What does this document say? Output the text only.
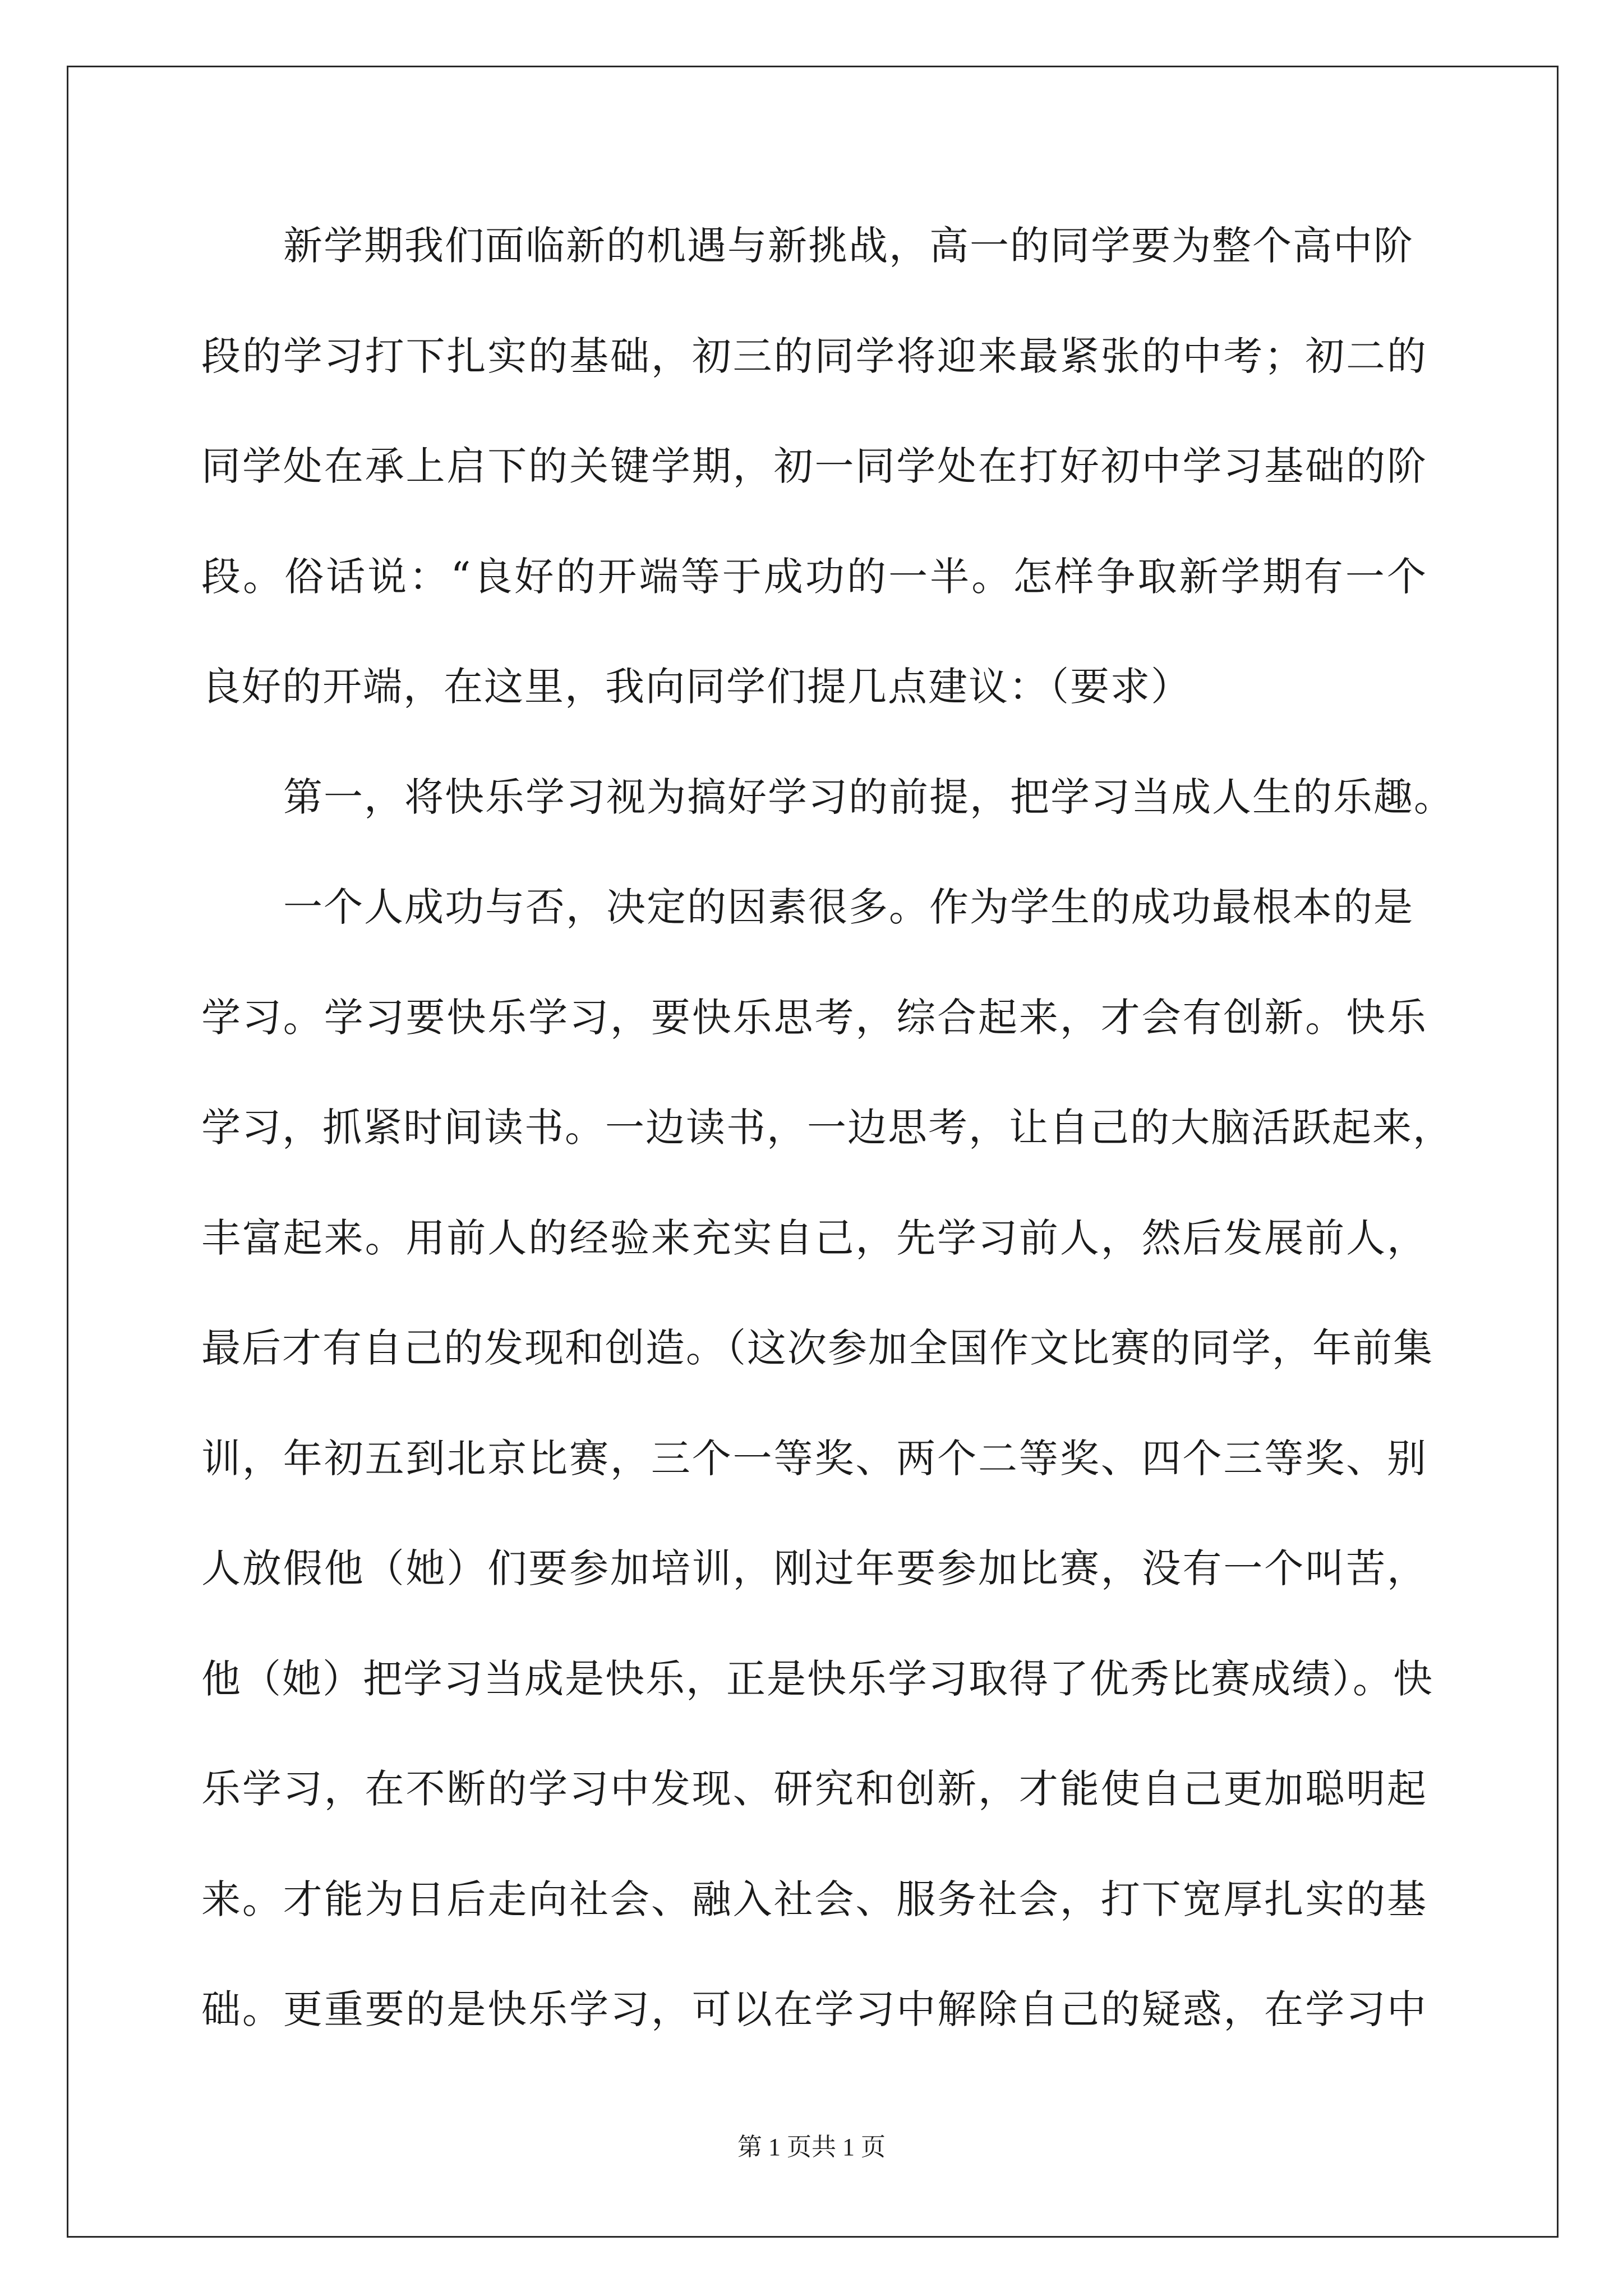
新学期我们面临新的机遇与新挑战，高一的同学要为整个高中阶
段的学习打下扎实的基础，初三的同学将迎来最紧张的中考；初二的
同学处在承上启下的关键学期，初一同学处在打好初中学习基础的阶
段。俗话说：“良好的开端等于成功的一半。怎样争取新学期有一个
良好的开端，在这里，我向同学们提几点建议：（要求）
第一，将快乐学习视为搞好学习的前提，把学习当成人生的乐趣。
一个人成功与否，决定的因素很多。作为学生的成功最根本的是
学习。学习要快乐学习，要快乐思考，综合起来，才会有创新。快乐
学习，抓紧时间读书。一边读书，一边思考，让自己的大脑活跃起来，
丰富起来。用前人的经验来充实自己，先学习前人，然后发展前人，
最后才有自己的发现和创造。（这次参加全国作文比赛的同学，年前集
训，年初五到北京比赛，三个一等奖、两个二等奖、四个三等奖、别
人放假他（她）们要参加培训，刚过年要参加比赛，没有一个叫苦，
他（她）把学习当成是快乐，正是快乐学习取得了优秀比赛成绩）。快
乐学习，在不断的学习中发现、研究和创新，才能使自己更加聪明起
来。才能为日后走向社会、融入社会、服务社会，打下宽厚扎实的基
础。更重要的是快乐学习，可以在学习中解除自己的疑惑，在学习中
第 1 页共 1 页
